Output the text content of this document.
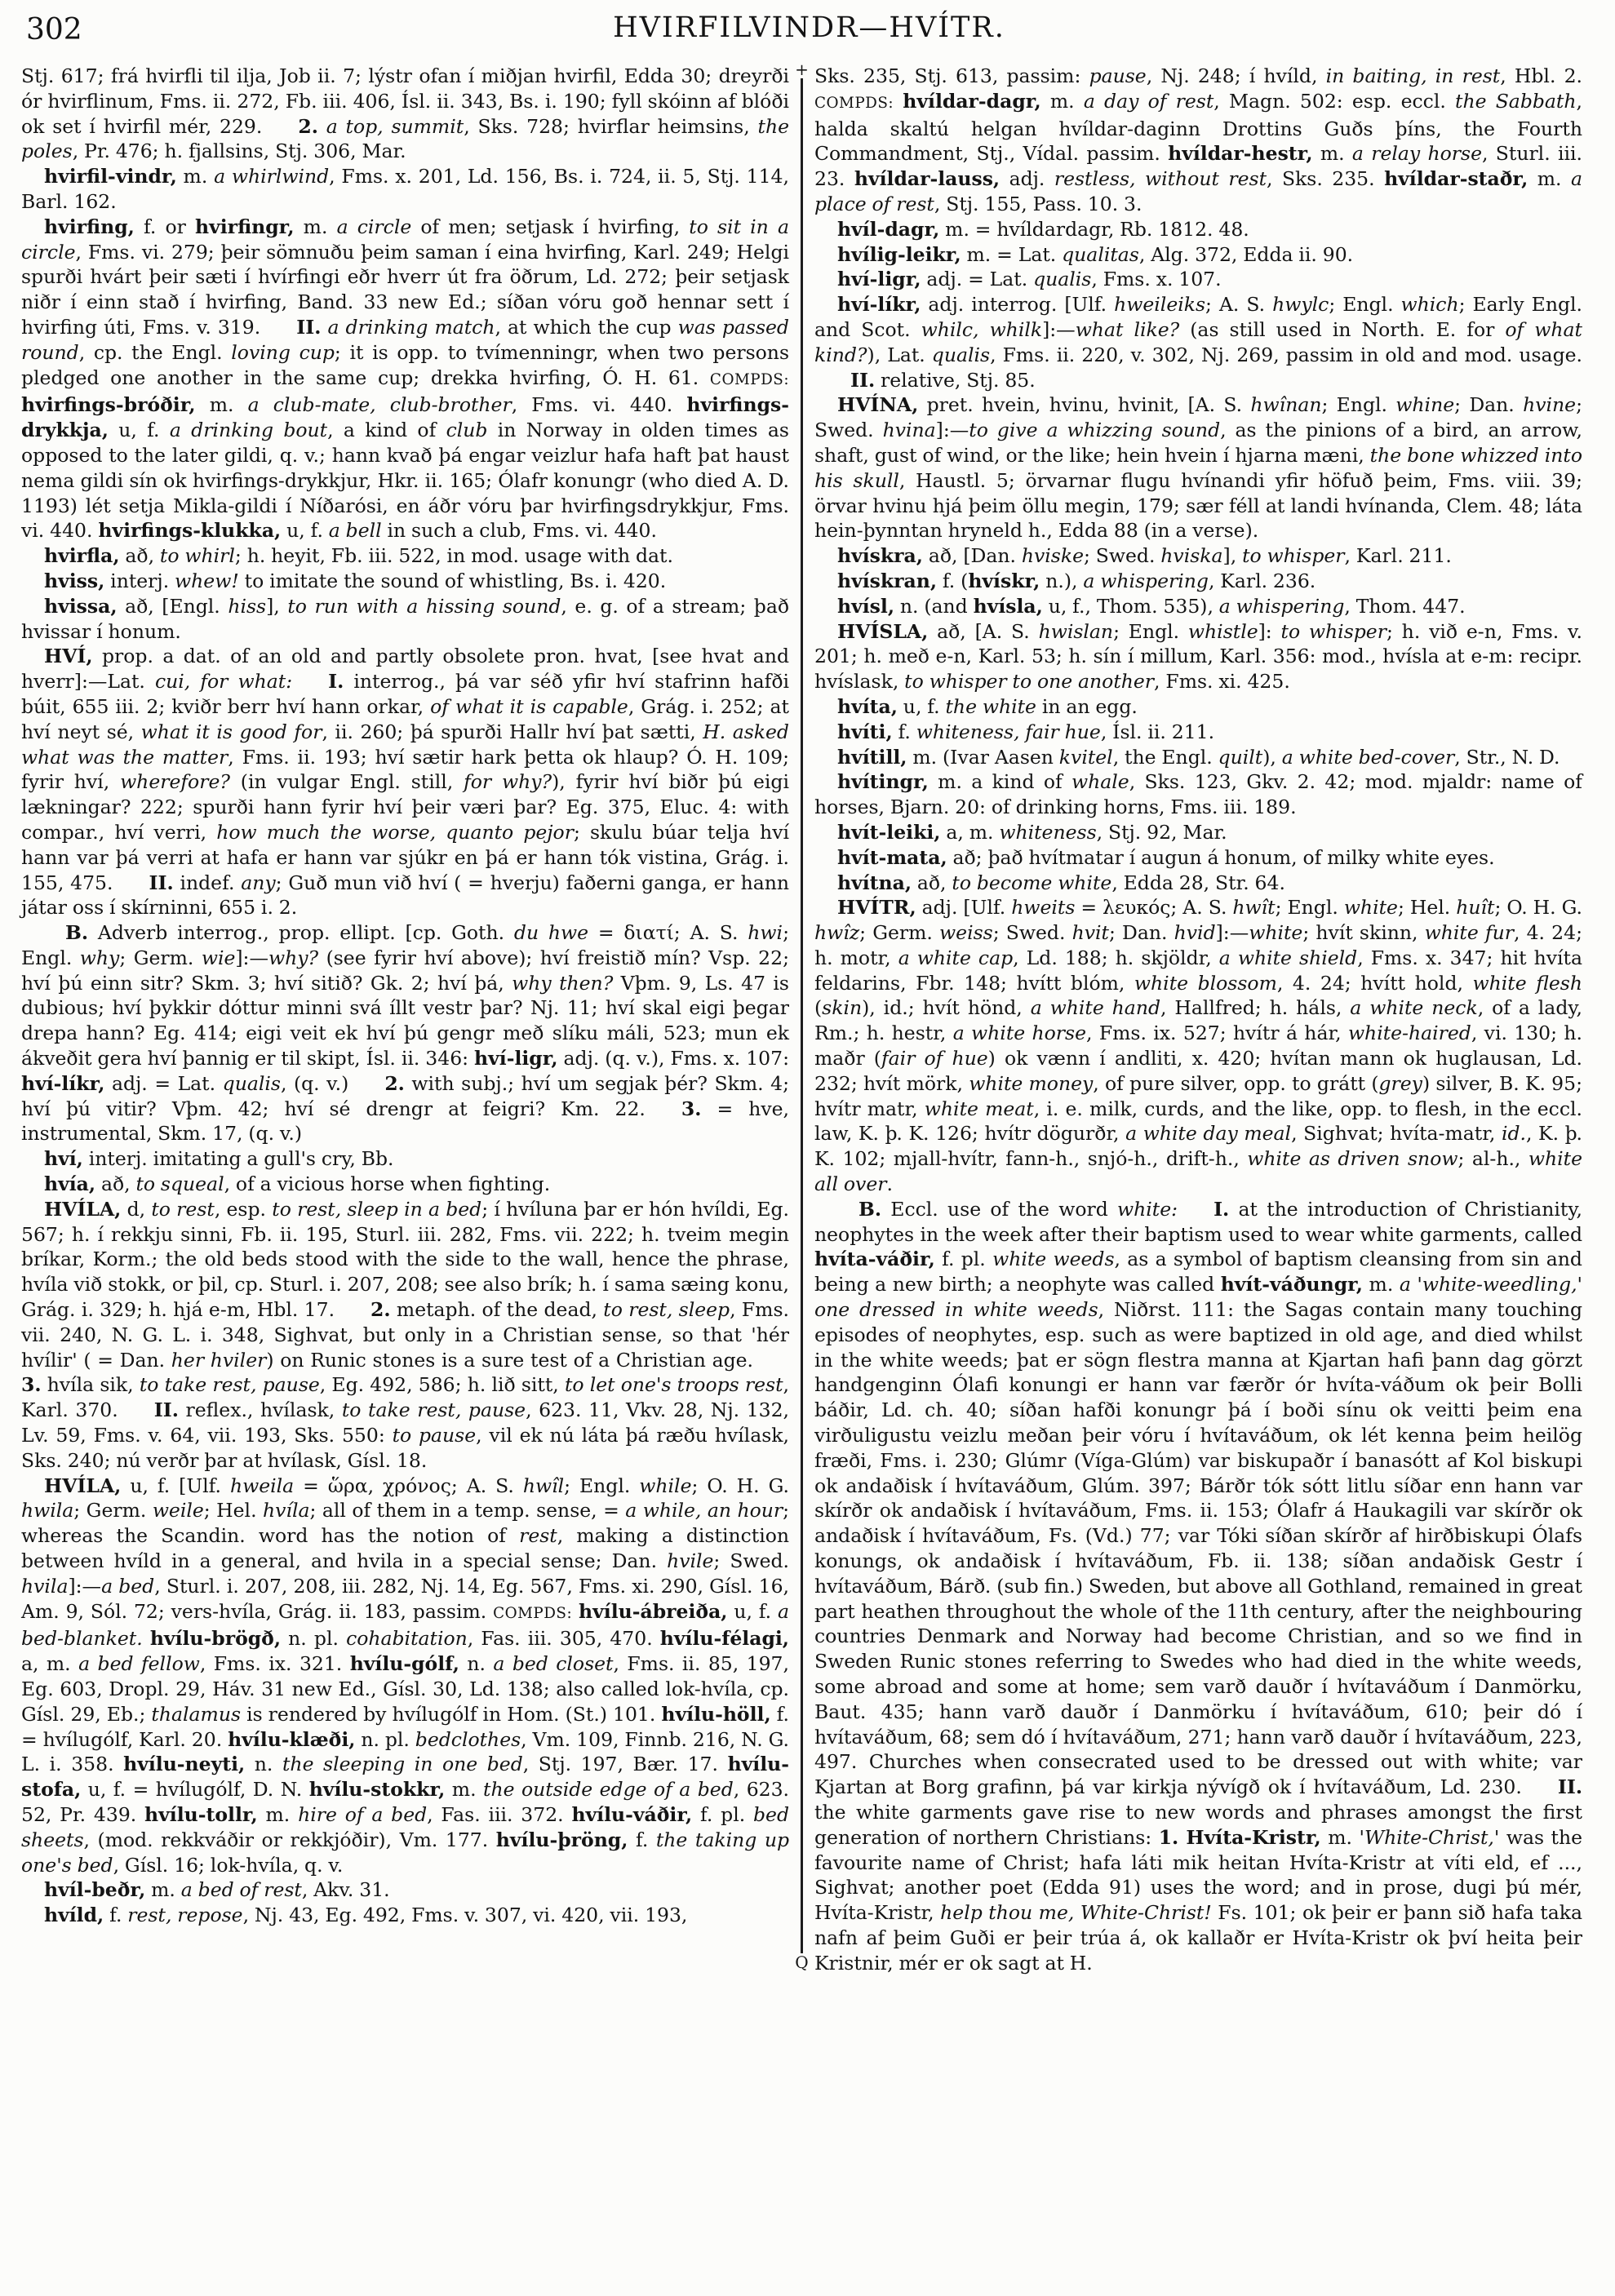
302	HVIRFILVINDR—HVÍTR.

Stj. 617; frá hvirfli til ilja, Job ii. 7; lýstr ofan í miðjan hvirfil, Edda 30; dreyrði ór hvirflinum, Fms. ii. 272, Fb. iii. 406, Ísl. ii. 343, Bs. i. 190; fyll skóinn af blóði ok set í hvirfil mér, 229. 2. a top, summit, Sks. 728; hvirflar heimsins, the poles, Pr. 476; h. fjallsins, Stj. 306, Mar.

hvirfil-vindr, m. a whirlwind, Fms. x. 201, Ld. 156, Bs. i. 724, ii. 5, Stj. 114, Barl. 162.

hvirfing, f. or hvirfingr, m. a circle of men; setjask í hvirfing, to sit in a circle, Fms. vi. 279; þeir sömnuðu þeim saman í eina hvirfing, Karl. 249; Helgi spurði hvárt þeir sæti í hvírfingi eðr hverr út fra öðrum, Ld. 272; þeir setjask niðr í einn stað í hvirfing, Band. 33 new Ed.; síðan vóru goð hennar sett í hvirfing úti, Fms. v. 319. II. a drinking match, at which the cup was passed round, cp. the Engl. loving cup; it is opp. to tvímenningr, when two persons pledged one another in the same cup; drekka hvirfing, Ó. H. 61. COMPDS: hvirfings-bróðir, m. a club-mate, club-brother, Fms. vi. 440. hvirfings-drykkja, u, f. a drinking bout, a kind of club in Norway in olden times as opposed to the later gildi, q. v.; hann kvað þá engar veizlur hafa haft þat haust nema gildi sín ok hvirfings-drykkjur, Hkr. ii. 165; Ólafr konungr (who died A. D. 1193) lét setja Mikla-gildi í Níðarósi, en áðr vóru þar hvirfingsdrykkjur, Fms. vi. 440. hvirfings-klukka, u, f. a bell in such a club, Fms. vi. 440.

hvirfla, að, to whirl; h. heyit, Fb. iii. 522, in mod. usage with dat.

hviss, interj. whew! to imitate the sound of whistling, Bs. i. 420.

hvissa, að, [Engl. hiss], to run with a hissing sound, e. g. of a stream; það hvissar í honum.

HVÍ, prop. a dat. of an old and partly obsolete pron. hvat, [see hvat and hverr]:—Lat. cui, for what: I. interrog., þá var séð yfir hví stafrinn hafði búit, 655 iii. 2; kviðr berr hví hann orkar, of what it is capable, Grág. i. 252; at hví neyt sé, what it is good for, ii. 260; þá spurði Hallr hví þat sætti, H. asked what was the matter, Fms. ii. 193; hví sætir hark þetta ok hlaup? Ó. H. 109; fyrir hví, wherefore? (in vulgar Engl. still, for why?), fyrir hví biðr þú eigi lækningar? 222; spurði hann fyrir hví þeir væri þar? Eg. 375, Eluc. 4: with compar., hví verri, how much the worse, quanto pejor; skulu búar telja hví hann var þá verri at hafa er hann var sjúkr en þá er hann tók vistina, Grág. i. 155, 475. II. indef. any; Guð mun við hví ( = hverju) faðerni ganga, er hann játar oss í skírninni, 655 i. 2.

B. Adverb interrog., prop. ellipt. [cp. Goth. du hwe = διατί; A. S. hwi; Engl. why; Germ. wie]:—why? (see fyrir hví above); hví freistið mín? Vsp. 22; hví þú einn sitr? Skm. 3; hví sitið? Gk. 2; hví þá, why then? Vþm. 9, Ls. 47 is dubious; hví þykkir dóttur minni svá íllt vestr þar? Nj. 11; hví skal eigi þegar drepa hann? Eg. 414; eigi veit ek hví þú gengr með slíku máli, 523; mun ek ákveðit gera hví þannig er til skipt, Ísl. ii. 346: hví-ligr, adj. (q. v.), Fms. x. 107: hví-líkr, adj. = Lat. qualis, (q. v.) 2. with subj.; hví um segjak þér? Skm. 4; hví þú vitir? Vþm. 42; hví sé drengr at feigri? Km. 22. 3. = hve, instrumental, Skm. 17, (q. v.)

hví, interj. imitating a gull's cry, Bb.

hvía, að, to squeal, of a vicious horse when fighting.

HVÍLA, d, to rest, esp. to rest, sleep in a bed; í hvíluna þar er hón hvíldi, Eg. 567; h. í rekkju sinni, Fb. ii. 195, Sturl. iii. 282, Fms. vii. 222; h. tveim megin bríkar, Korm.; the old beds stood with the side to the wall, hence the phrase, hvíla við stokk, or þil, cp. Sturl. i. 207, 208; see also brík; h. í sama sæing konu, Grág. i. 329; h. hjá e-m, Hbl. 17. 2. metaph. of the dead, to rest, sleep, Fms. vii. 240, N. G. L. i. 348, Sighvat, but only in a Christian sense, so that 'hér hvílir' ( = Dan. her hviler) on Runic stones is a sure test of a Christian age.3. hvíla sik, to take rest, pause, Eg. 492, 586; h. lið sitt, to let one's troops rest, Karl. 370. II. reflex., hvílask, to take rest, pause, 623. 11, Vkv. 28, Nj. 132, Lv. 59, Fms. v. 64, vii. 193, Sks. 550: to pause, vil ek nú láta þá ræðu hvílask, Sks. 240; nú verðr þar at hvílask, Gísl. 18.

HVÍLA, u, f. [Ulf. hweila = ὥρα, χρόνος; A. S. hwîl; Engl. while; O. H. G. hwila; Germ. weile; Hel. hvíla; all of them in a temp. sense, = a while, an hour; whereas the Scandin. word has the notion of rest, making a distinction between hvíld in a general, and hvila in a special sense; Dan. hvile; Swed. hvila]:—a bed, Sturl. i. 207, 208, iii. 282, Nj. 14, Eg. 567, Fms. xi. 290, Gísl. 16, Am. 9, Sól. 72; vers-hvíla, Grág. ii. 183, passim. COMPDS: hvílu-ábreiða, u, f. a bed-blanket. hvílu-brögð, n. pl. cohabitation, Fas. iii. 305, 470. hvílu-félagi, a, m. a bed fellow, Fms. ix. 321. hvílu-gólf, n. a bed closet, Fms. ii. 85, 197, Eg. 603, Dropl. 29, Háv. 31 new Ed., Gísl. 30, Ld. 138; also called lok-hvíla, cp. Gísl. 29, Eb.; thalamus is rendered by hvílugólf in Hom. (St.) 101. hvílu-höll, f. = hvílugólf, Karl. 20. hvílu-klæði, n. pl. bedclothes, Vm. 109, Finnb. 216, N. G. L. i. 358. hvílu-neyti, n. the sleeping in one bed, Stj. 197, Bær. 17. hvílu-stofa, u, f. = hvílugólf, D. N. hvílu-stokkr, m. the outside edge of a bed, 623. 52, Pr. 439. hvílu-tollr, m. hire of a bed, Fas. iii. 372. hvílu-váðir, f. pl. bed sheets, (mod. rekkváðir or rekkjóðir), Vm. 177. hvílu-þröng, f. the taking up one's bed, Gísl. 16; lok-hvíla, q. v.

hvíl-beðr, m. a bed of rest, Akv. 31.

hvíld, f. rest, repose, Nj. 43, Eg. 492, Fms. v. 307, vi. 420, vii. 193,

+
Q

Sks. 235, Stj. 613, passim: pause, Nj. 248; í hvíld, in baiting, in rest, Hbl. 2. COMPDS: hvíldar-dagr, m. a day of rest, Magn. 502: esp. eccl. the Sabbath, halda skaltú helgan hvíldar-daginn Drottins Guðs þíns, the Fourth Commandment, Stj., Vídal. passim. hvíldar-hestr, m. a relay horse, Sturl. iii. 23. hvíldar-lauss, adj. restless, without rest, Sks. 235. hvíldar-staðr, m. a place of rest, Stj. 155, Pass. 10. 3.

hvíl-dagr, m. = hvíldardagr, Rb. 1812. 48.

hvílig-leikr, m. = Lat. qualitas, Alg. 372, Edda ii. 90.

hví-ligr, adj. = Lat. qualis, Fms. x. 107.

hví-líkr, adj. interrog. [Ulf. hweileiks; A. S. hwylc; Engl. which; Early Engl. and Scot. whilc, whilk]:—what like? (as still used in North. E. for of what kind?), Lat. qualis, Fms. ii. 220, v. 302, Nj. 269, passim in old and mod. usage.II. relative, Stj. 85.

HVÍNA, pret. hvein, hvinu, hvinit, [A. S. hwînan; Engl. whine; Dan. hvine; Swed. hvina]:—to give a whizzing sound, as the pinions of a bird, an arrow, shaft, gust of wind, or the like; hein hvein í hjarna mæni, the bone whizzed into his skull, Haustl. 5; örvarnar flugu hvínandi yfir höfuð þeim, Fms. viii. 39; örvar hvinu hjá þeim öllu megin, 179; sær féll at landi hvínanda, Clem. 48; láta hein-þynntan hryneld h., Edda 88 (in a verse).

hvískra, að, [Dan. hviske; Swed. hviska], to whisper, Karl. 211.

hvískran, f. (hvískr, n.), a whispering, Karl. 236.

hvísl, n. (and hvísla, u, f., Thom. 535), a whispering, Thom. 447.

HVÍSLA, að, [A. S. hwislan; Engl. whistle]: to whisper; h. við e-n, Fms. v. 201; h. með e-n, Karl. 53; h. sín í millum, Karl. 356: mod., hvísla at e-m: recipr. hvíslask, to whisper to one another, Fms. xi. 425.

hvíta, u, f. the white in an egg.

hvíti, f. whiteness, fair hue, Ísl. ii. 211.

hvítill, m. (Ivar Aasen kvitel, the Engl. quilt), a white bed-cover, Str., N. D.

hvítingr, m. a kind of whale, Sks. 123, Gkv. 2. 42; mod. mjaldr: name of horses, Bjarn. 20: of drinking horns, Fms. iii. 189.

hvít-leiki, a, m. whiteness, Stj. 92, Mar.

hvít-mata, að; það hvítmatar í augun á honum, of milky white eyes.

hvítna, að, to become white, Edda 28, Str. 64.

HVÍTR, adj. [Ulf. hweits = λευκός; A. S. hwît; Engl. white; Hel. huît; O. H. G. hwîz; Germ. weiss; Swed. hvit; Dan. hvid]:—white; hvít skinn, white fur, 4. 24; h. motr, a white cap, Ld. 188; h. skjöldr, a white shield, Fms. x. 347; hit hvíta feldarins, Fbr. 148; hvítt blóm, white blossom, 4. 24; hvítt hold, white flesh (skin), id.; hvít hönd, a white hand, Hallfred; h. háls, a white neck, of a lady, Rm.; h. hestr, a white horse, Fms. ix. 527; hvítr á hár, white-haired, vi. 130; h. maðr (fair of hue) ok vænn í andliti, x. 420; hvítan mann ok huglausan, Ld. 232; hvít mörk, white money, of pure silver, opp. to grátt (grey) silver, B. K. 95; hvítr matr, white meat, i. e. milk, curds, and the like, opp. to flesh, in the eccl. law, K. þ. K. 126; hvítr dögurðr, a white day meal, Sighvat; hvíta-matr, id., K. þ. K. 102; mjall-hvítr, fann-h., snjó-h., drift-h., white as driven snow; al-h., white all over.

B. Eccl. use of the word white: I. at the introduction of Christianity, neophytes in the week after their baptism used to wear white garments, called hvíta-váðir, f. pl. white weeds, as a symbol of baptism cleansing from sin and being a new birth; a neophyte was called hvít-váðungr, m. a 'white-weedling,' one dressed in white weeds, Niðrst. 111: the Sagas contain many touching episodes of neophytes, esp. such as were baptized in old age, and died whilst in the white weeds; þat er sögn flestra manna at Kjartan hafi þann dag görzt handgenginn Ólafi konungi er hann var færðr ór hvíta-váðum ok þeir Bolli báðir, Ld. ch. 40; síðan hafði konungr þá í boði sínu ok veitti þeim ena virðuligustu veizlu meðan þeir vóru í hvítaváðum, ok lét kenna þeim heilög fræði, Fms. i. 230; Glúmr (Víga-Glúm) var biskupaðr í banasótt af Kol biskupi ok andaðisk í hvítaváðum, Glúm. 397; Bárðr tók sótt litlu síðar enn hann var skírðr ok andaðisk í hvítaváðum, Fms. ii. 153; Ólafr á Haukagili var skírðr ok andaðisk í hvítaváðum, Fs. (Vd.) 77; var Tóki síðan skírðr af hirðbiskupi Ólafs konungs, ok andaðisk í hvítaváðum, Fb. ii. 138; síðan andaðisk Gestr í hvítaváðum, Bárð. (sub fin.) Sweden, but above all Gothland, remained in great part heathen throughout the whole of the 11th century, after the neighbouring countries Denmark and Norway had become Christian, and so we find in Sweden Runic stones referring to Swedes who had died in the white weeds, some abroad and some at home; sem varð dauðr í hvítaváðum í Danmörku, Baut. 435; hann varð dauðr í Danmörku í hvítaváðum, 610; þeir dó í hvítaváðum, 68; sem dó í hvítaváðum, 271; hann varð dauðr í hvítaváðum, 223, 497. Churches when consecrated used to be dressed out with white; var Kjartan at Borg grafinn, þá var kirkja nývígð ok í hvítaváðum, Ld. 230. II. the white garments gave rise to new words and phrases amongst the first generation of northern Christians: 1. Hvíta-Kristr, m. 'White-Christ,' was the favourite name of Christ; hafa láti mik heitan Hvíta-Kristr at víti eld, ef ..., Sighvat; another poet (Edda 91) uses the word; and in prose, dugi þú mér, Hvíta-Kristr, help thou me, White-Christ! Fs. 101; ok þeir er þann sið hafa taka nafn af þeim Guði er þeir trúa á, ok kallaðr er Hvíta-Kristr ok því heita þeir Kristnir, mér er ok sagt at H.
